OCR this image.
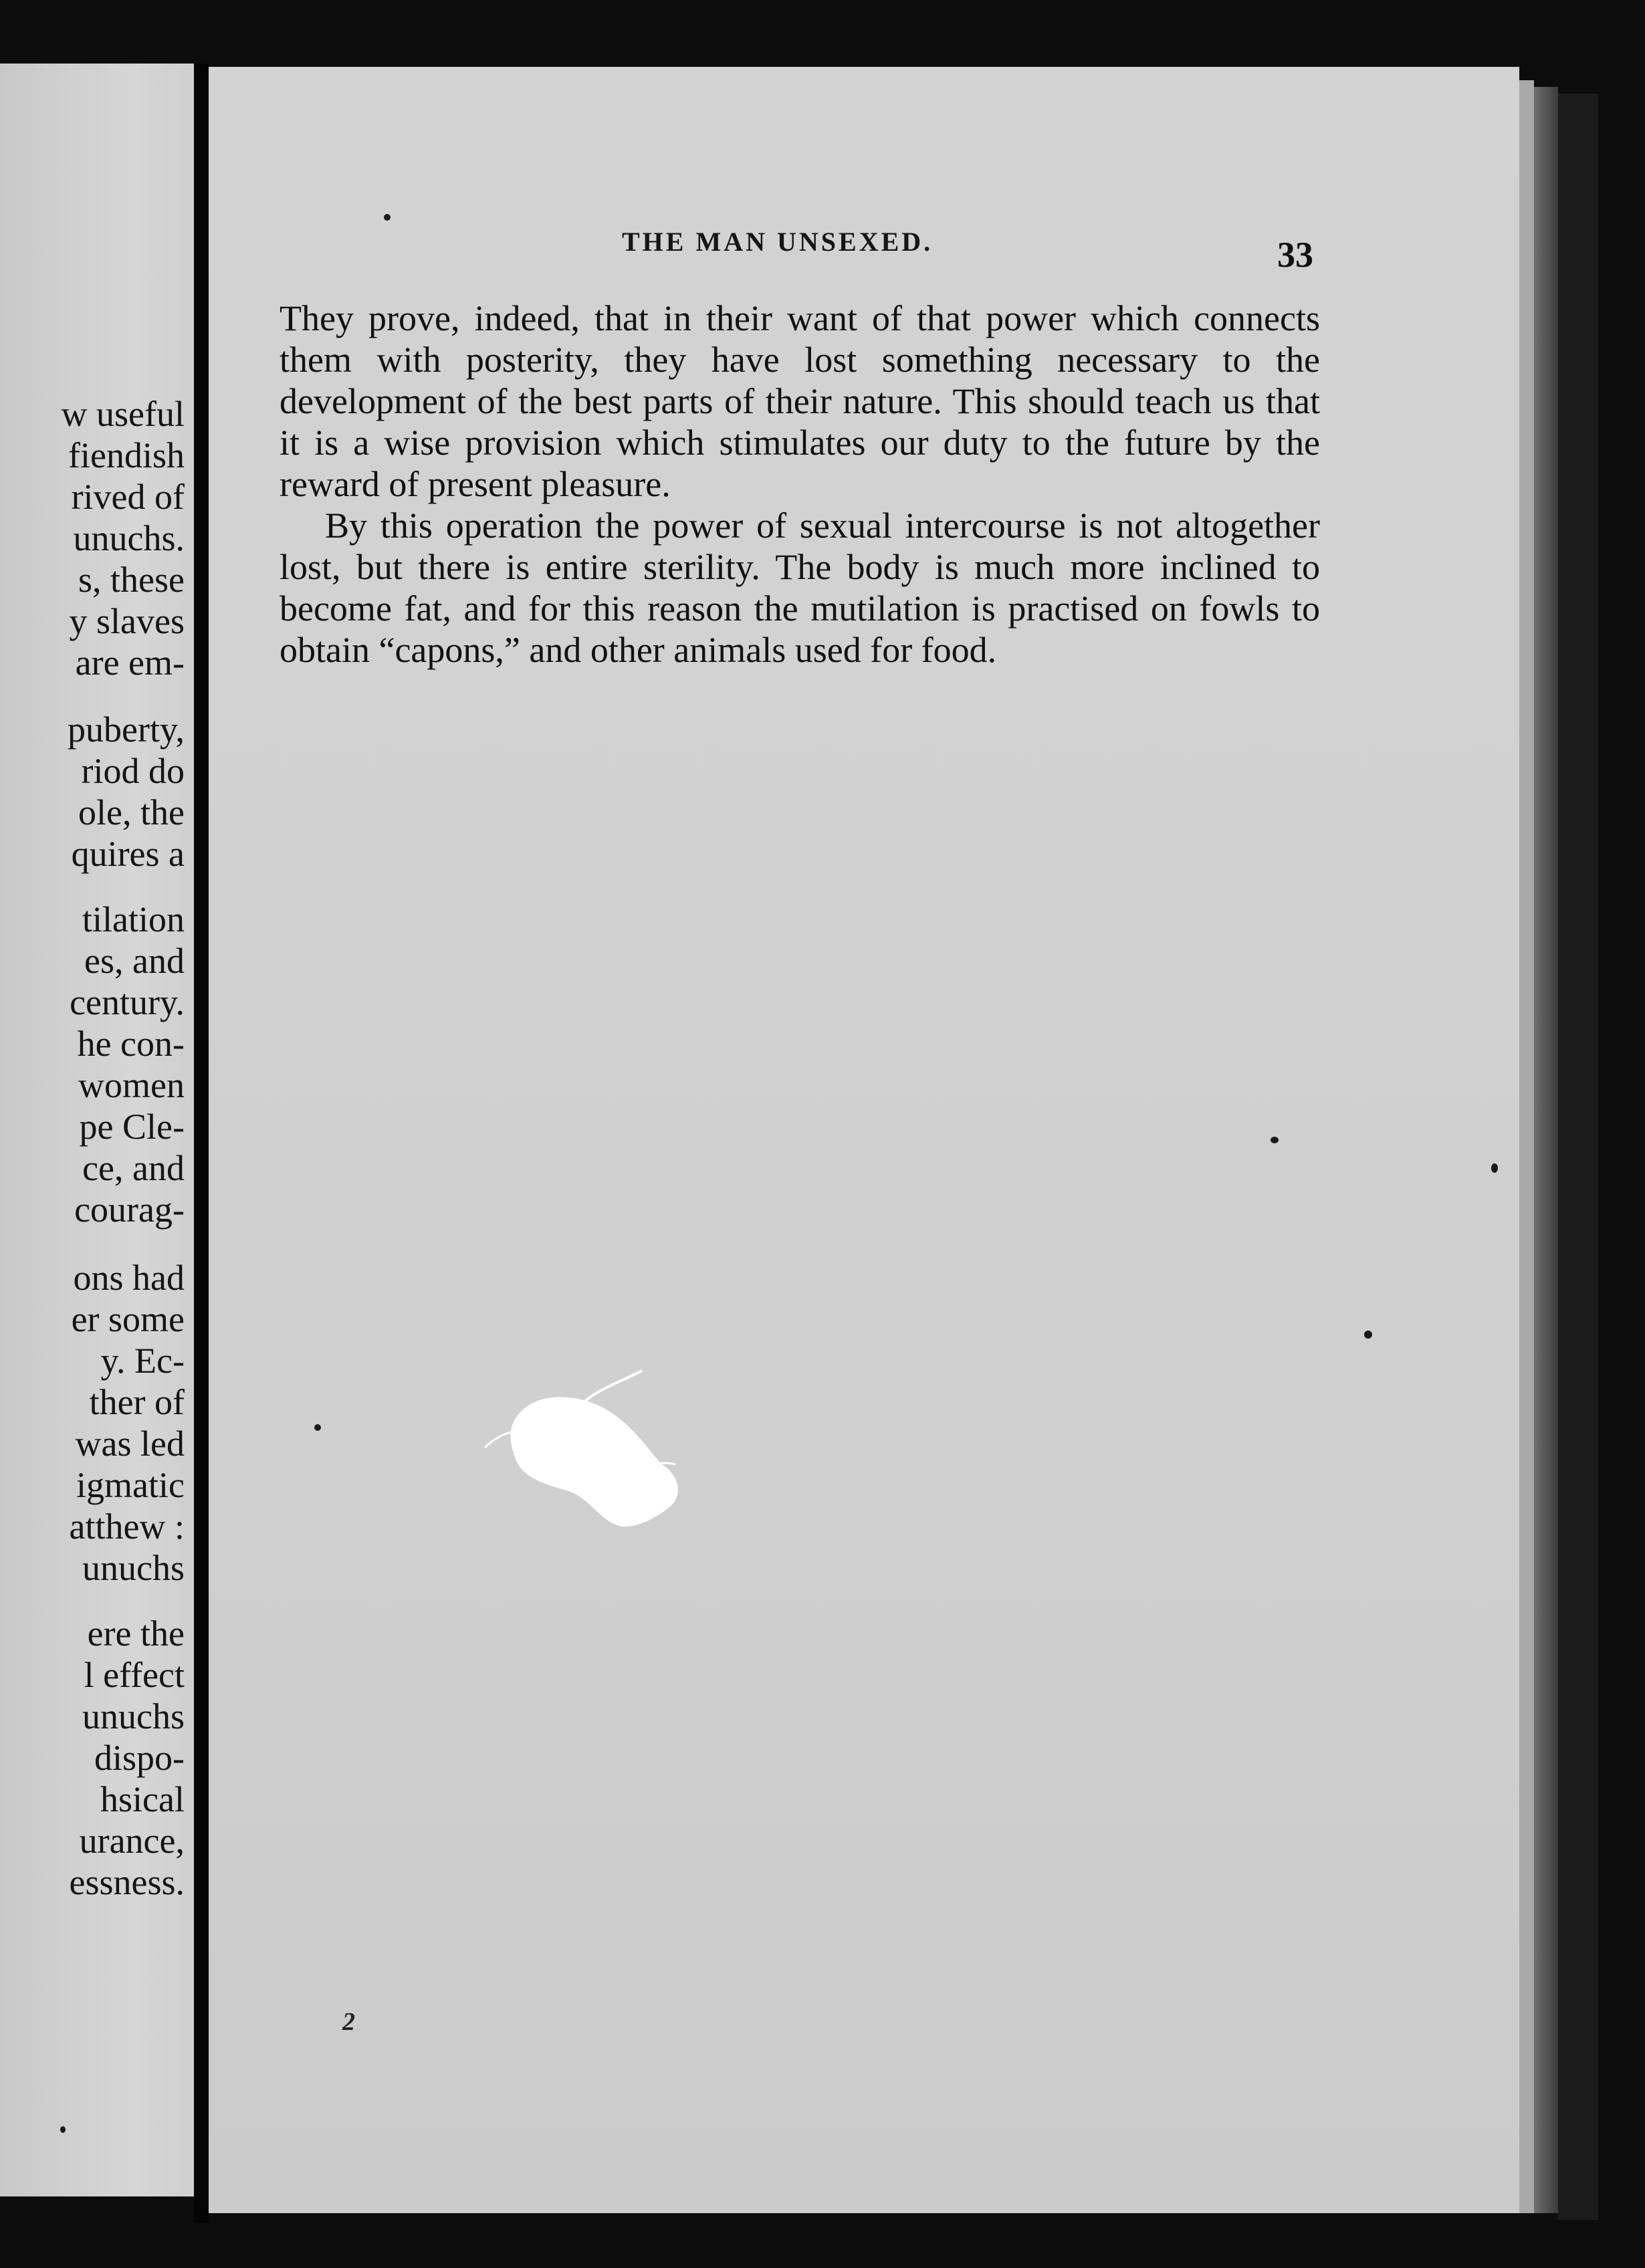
w useful
fiendish
rived of
unuchs.
s, these
y slaves
are em-
puberty,
riod do
ole, the
quires a
tilation
es, and
century.
he con-
women
pe Cle-
ce, and
courag-
ons had
er some
y. Ec-
ther of
was led
igmatic
atthew :
unuchs
ere the
l effect
unuchs
dispo-
hsical
urance,
essness.
THE MAN UNSEXED.	33

They prove, indeed, that in their want of that power which connects them with posterity, they have lost something necessary to the development of the best parts of their nature. This should teach us that it is a wise provision which stimulates our duty to the future by the reward of present pleasure.

By this operation the power of sexual intercourse is not altogether lost, but there is entire sterility. The body is much more inclined to become fat, and for this reason the mutilation is practised on fowls to obtain “capons,” and other animals used for food.

2
